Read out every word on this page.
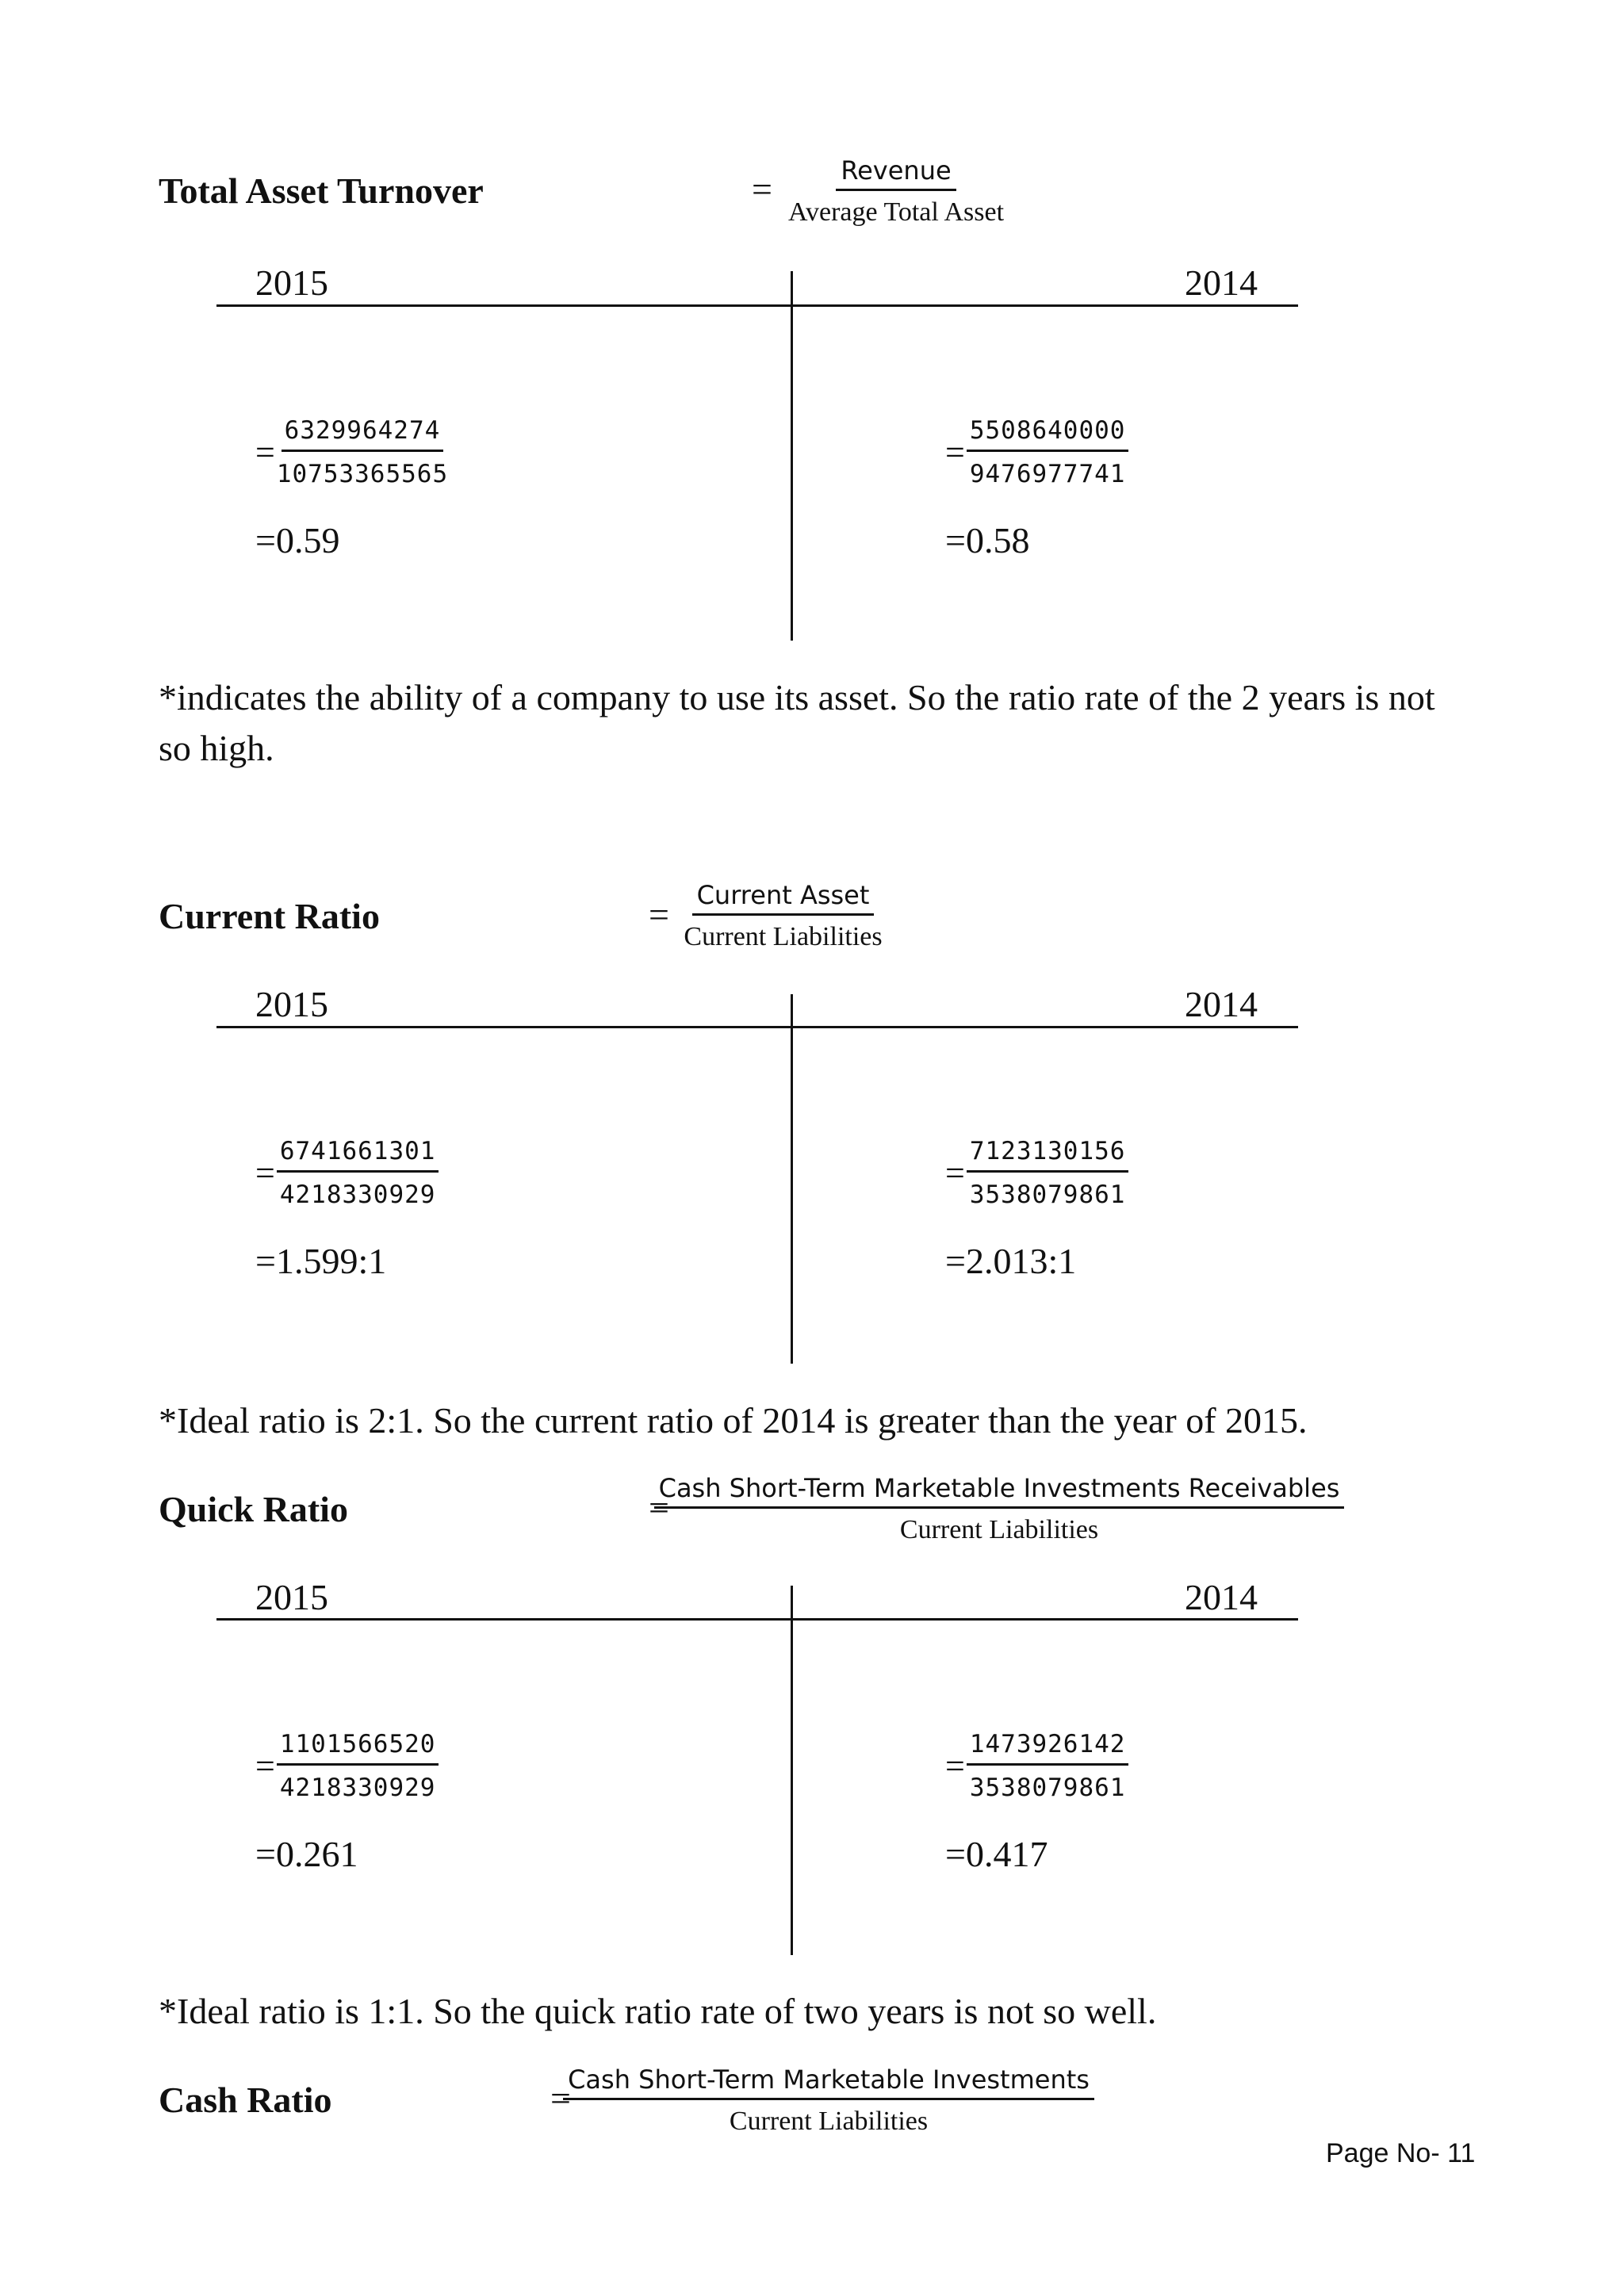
Total Asset Turnover	=	Revenue
Average Total Asset
2015	2014
= $\frac{6329964274}{10753365565}$	= $\frac{5508640000}{9476977741}$
=0.59	=0.58
*indicates the ability of a company to use its asset. So the ratio rate of the 2 years is not so high.
Current Ratio	= Current Asset
Current Liabilities
2015	2014
= $\frac{6741661301}{4218330929}$	= $\frac{7123130156}{3538079861}$
=1.599:1	=2.013:1
*Ideal ratio is 2:1. So the current ratio of 2014 is greater than the year of 2015.
Quick Ratio	=
Cash Short-Term Marketable Investments Receivables
Current Liabilities
2015	2014
= $\frac{1101566520}{4218330929}$	= $\frac{1473926142}{3538079861}$
=0.261	=0.417
*Ideal ratio is 1:1. So the quick ratio rate of two years is not so well.
Cash Ratio	=
Cash Short-Term Marketable Investments
Current Liabilities
Page No- 11
